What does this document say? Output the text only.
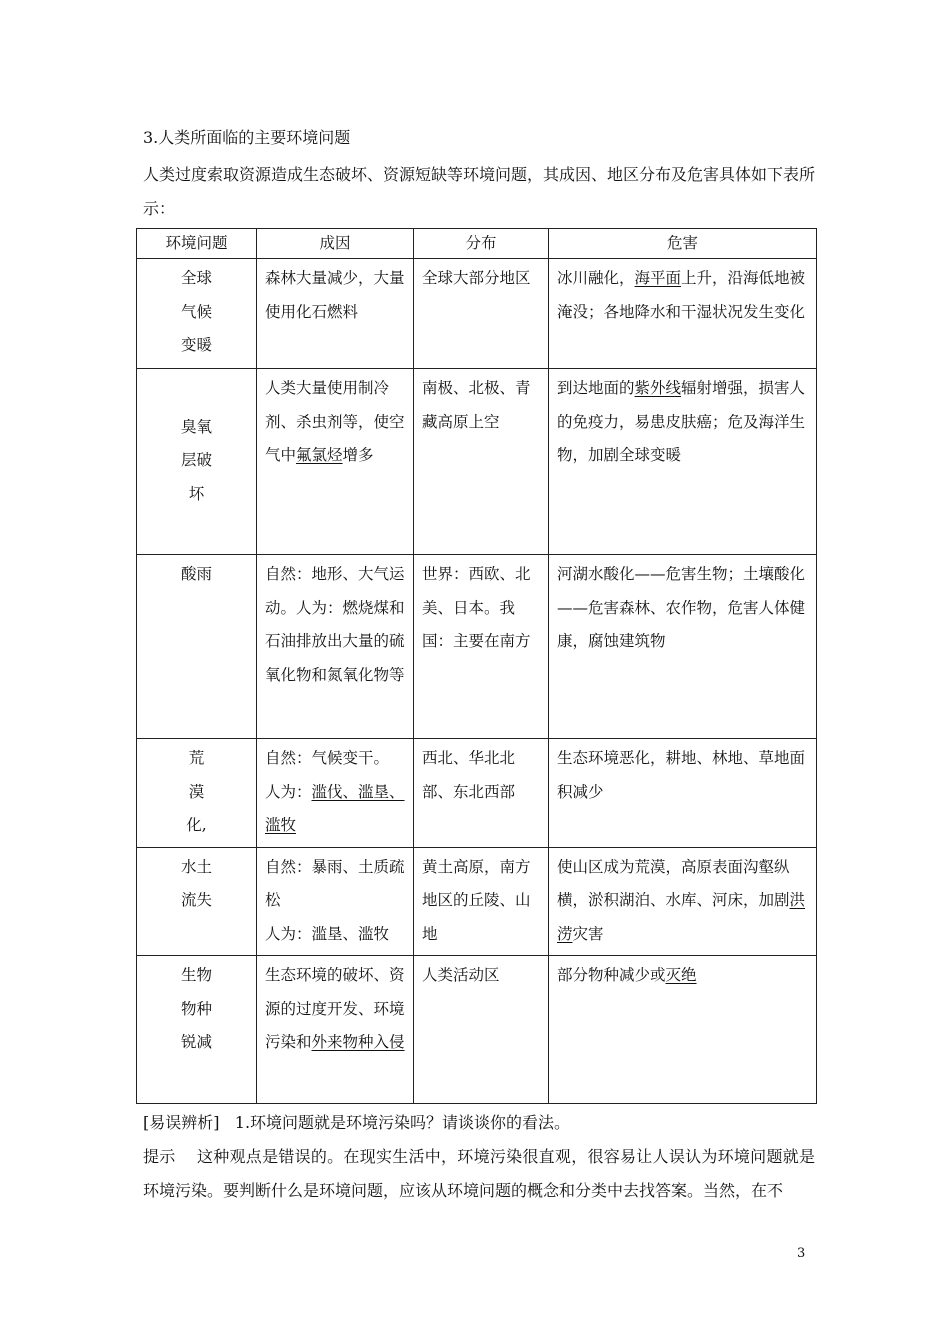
3.人类所面临的主要环境问题
人类过度索取资源造成生态破坏、资源短缺等环境问题，其成因、地区分布及危害具体如下表所示：
环境问题	成因	分布	危害

全球
气候
变暖	森林大量减少，大量使用化石燃料	全球大部分地区	冰川融化，海平面上升，沿海低地被淹没；各地降水和干湿状况发生变化

臭氧
层破
坏	人类大量使用制冷剂、杀虫剂等，使空气中氟氯烃增多	南极、北极、青藏高原上空	到达地面的紫外线辐射增强，损害人的免疫力，易患皮肤癌；危及海洋生物，加剧全球变暖

酸雨	自然：地形、大气运动。人为：燃烧煤和石油排放出大量的硫氧化物和氮氧化物等	世界：西欧、北美、日本。我国：主要在南方	河湖水酸化——危害生物；土壤酸化——危害森林、农作物，危害人体健康，腐蚀建筑物

荒
漠
化,	自然：气候变干。
人为：滥伐、滥垦、滥牧	西北、华北北部、东北西部	生态环境恶化，耕地、林地、草地面积减少

水土
流失	自然：暴雨、土质疏松
人为：滥垦、滥牧	黄土高原，南方地区的丘陵、山地	使山区成为荒漠，高原表面沟壑纵横，淤积湖泊、水库、河床，加剧洪涝灾害

生物
物种
锐减	生态环境的破坏、资源的过度开发、环境污染和外来物种入侵	人类活动区	部分物种减少或灭绝

[易误辨析] 1.环境问题就是环境污染吗？请谈谈你的看法。

提示 这种观点是错误的。在现实生活中，环境污染很直观，很容易让人误认为环境问题就是环境污染。要判断什么是环境问题，应该从环境问题的概念和分类中去找答案。当然，在不

3
